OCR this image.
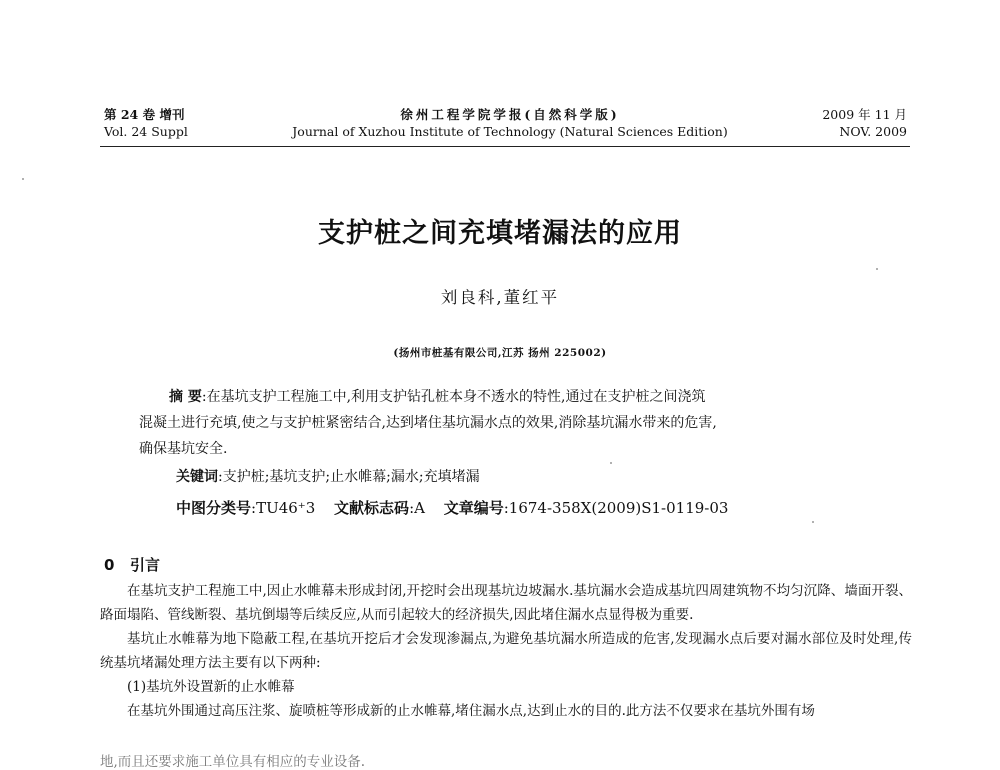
第 24 卷 增刊
Vol. 24 Suppl
徐州工程学院学报(自然科学版)
Journal of Xuzhou Institute of Technology (Natural Sciences Edition)
2009 年 11 月
NOV. 2009
支护桩之间充填堵漏法的应用
刘良科,董红平
(扬州市桩基有限公司,江苏 扬州 225002)

摘 要:在基坑支护工程施工中,利用支护钻孔桩本身不透水的特性,通过在支护桩之间浇筑

混凝土进行充填,使之与支护桩紧密结合,达到堵住基坑漏水点的效果,消除基坑漏水带来的危害,

确保基坑安全.

关键词:支护桩;基坑支护;止水帷幕;漏水;充填堵漏
中图分类号:TU46⁺3 文献标志码:A 文章编号:1674-358X(2009)S1-0119-03
0 引言

在基坑支护工程施工中,因止水帷幕未形成封闭,开挖时会出现基坑边坡漏水.基坑漏水会造成基坑四周建筑物不均匀沉降、墙面开裂、路面塌陷、管线断裂、基坑倒塌等后续反应,从而引起较大的经济损失,因此堵住漏水点显得极为重要.

基坑止水帷幕为地下隐蔽工程,在基坑开挖后才会发现渗漏点,为避免基坑漏水所造成的危害,发现漏水点后要对漏水部位及时处理,传统基坑堵漏处理方法主要有以下两种:

(1)基坑外设置新的止水帷幕

在基坑外围通过高压注浆、旋喷桩等形成新的止水帷幕,堵住漏水点,达到止水的目的.此方法不仅要求在基坑外围有场

地,而且还要求施工单位具有相应的专业设备.
